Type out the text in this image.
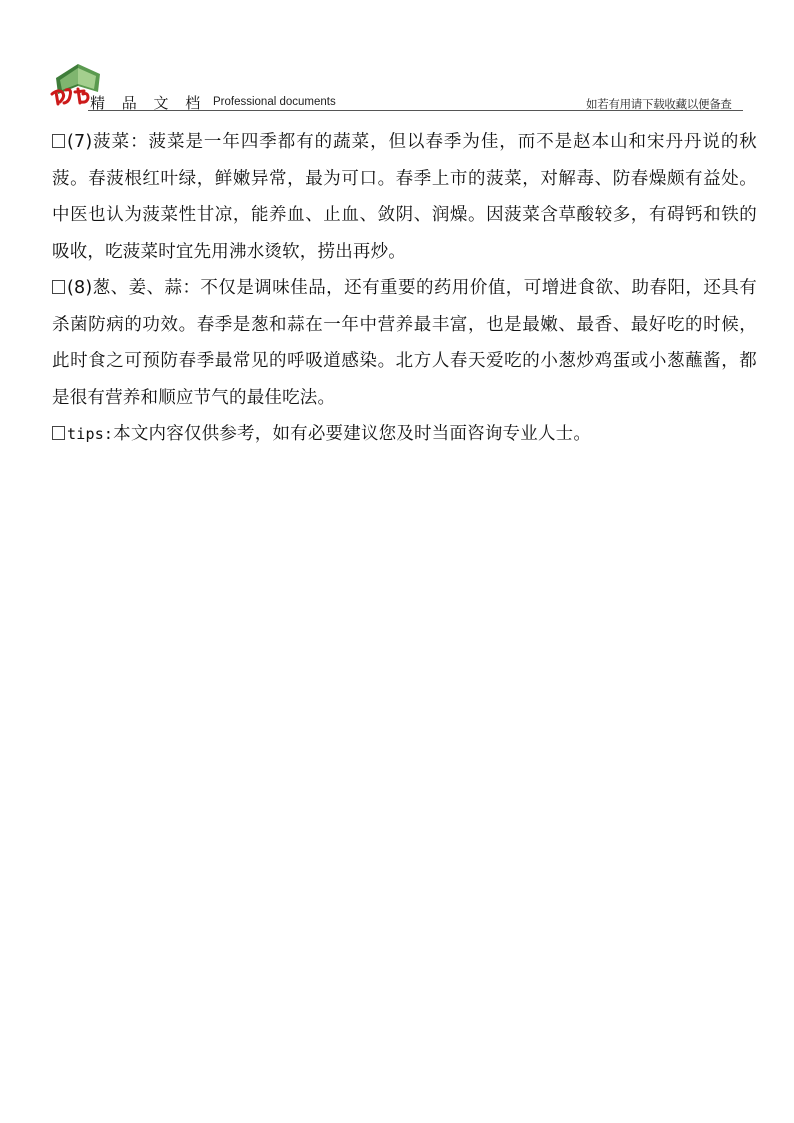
精 品 文 档 Professional documents	如若有用请下载收藏以便备查

(7)菠菜：菠菜是一年四季都有的蔬菜，但以春季为佳，而不是赵本山和宋丹丹说的秋菠。春菠根红叶绿，鲜嫩异常，最为可口。春季上市的菠菜，对解毒、防春燥颇有益处。中医也认为菠菜性甘凉，能养血、止血、敛阴、润燥。因菠菜含草酸较多，有碍钙和铁的吸收，吃菠菜时宜先用沸水烫软，捞出再炒。

(8)葱、姜、蒜：不仅是调味佳品，还有重要的药用价值，可增进食欲、助春阳，还具有杀菌防病的功效。春季是葱和蒜在一年中营养最丰富，也是最嫩、最香、最好吃的时候，此时食之可预防春季最常见的呼吸道感染。北方人春天爱吃的小葱炒鸡蛋或小葱蘸酱，都是很有营养和顺应节气的最佳吃法。

tips:本文内容仅供参考，如有必要建议您及时当面咨询专业人士。
